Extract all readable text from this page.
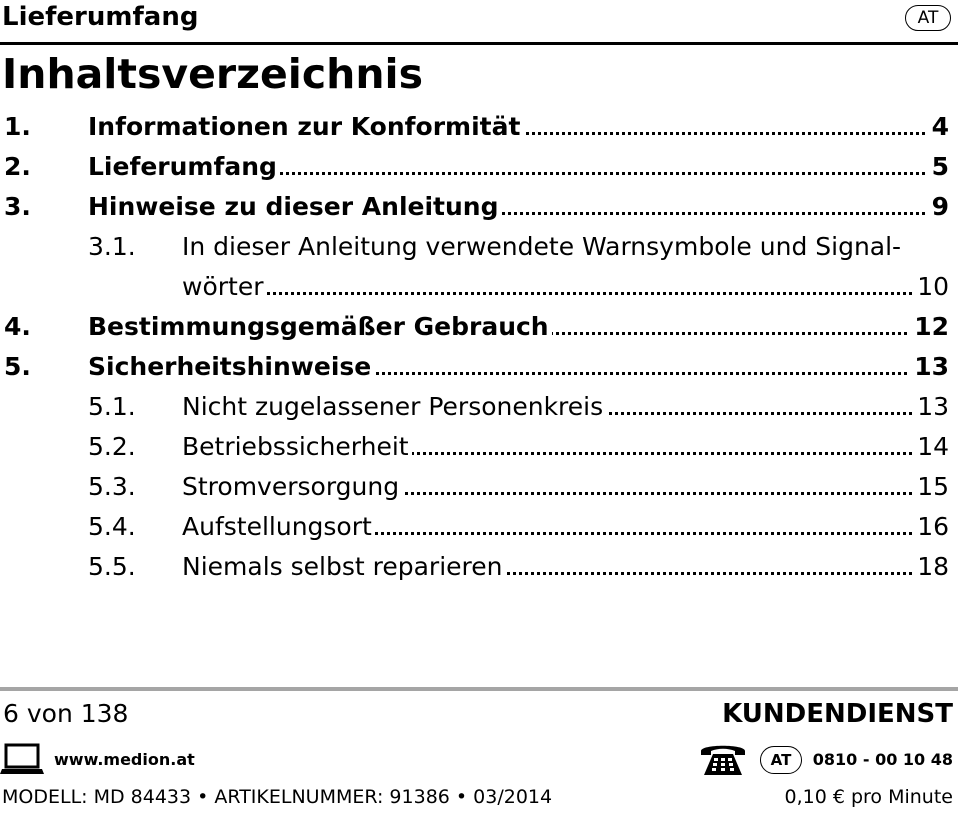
Lieferumfang	AT
Inhaltsverzeichnis
1. Informationen zur Konformität	4
2. Lieferumfang	5
3. Hinweise zu dieser Anleitung	9
3.1. In dieser Anleitung verwendete Warnsymbole und Signal-
wörter	10
4. Bestimmungsgemäßer Gebrauch	12
5. Sicherheitshinweise	13
5.1. Nicht zugelassener Personenkreis	13
5.2. Betriebssicherheit	14
5.3. Stromversorgung	15
5.4. Aufstellungsort	16
5.5. Niemals selbst reparieren	18
6 von 138	KUNDENDIENST
www.medion.at	AT	0810 - 00 10 48
MODELL: MD 84433 • ARTIKELNUMMER: 91386 • 03/2014	0,10 € pro Minute
